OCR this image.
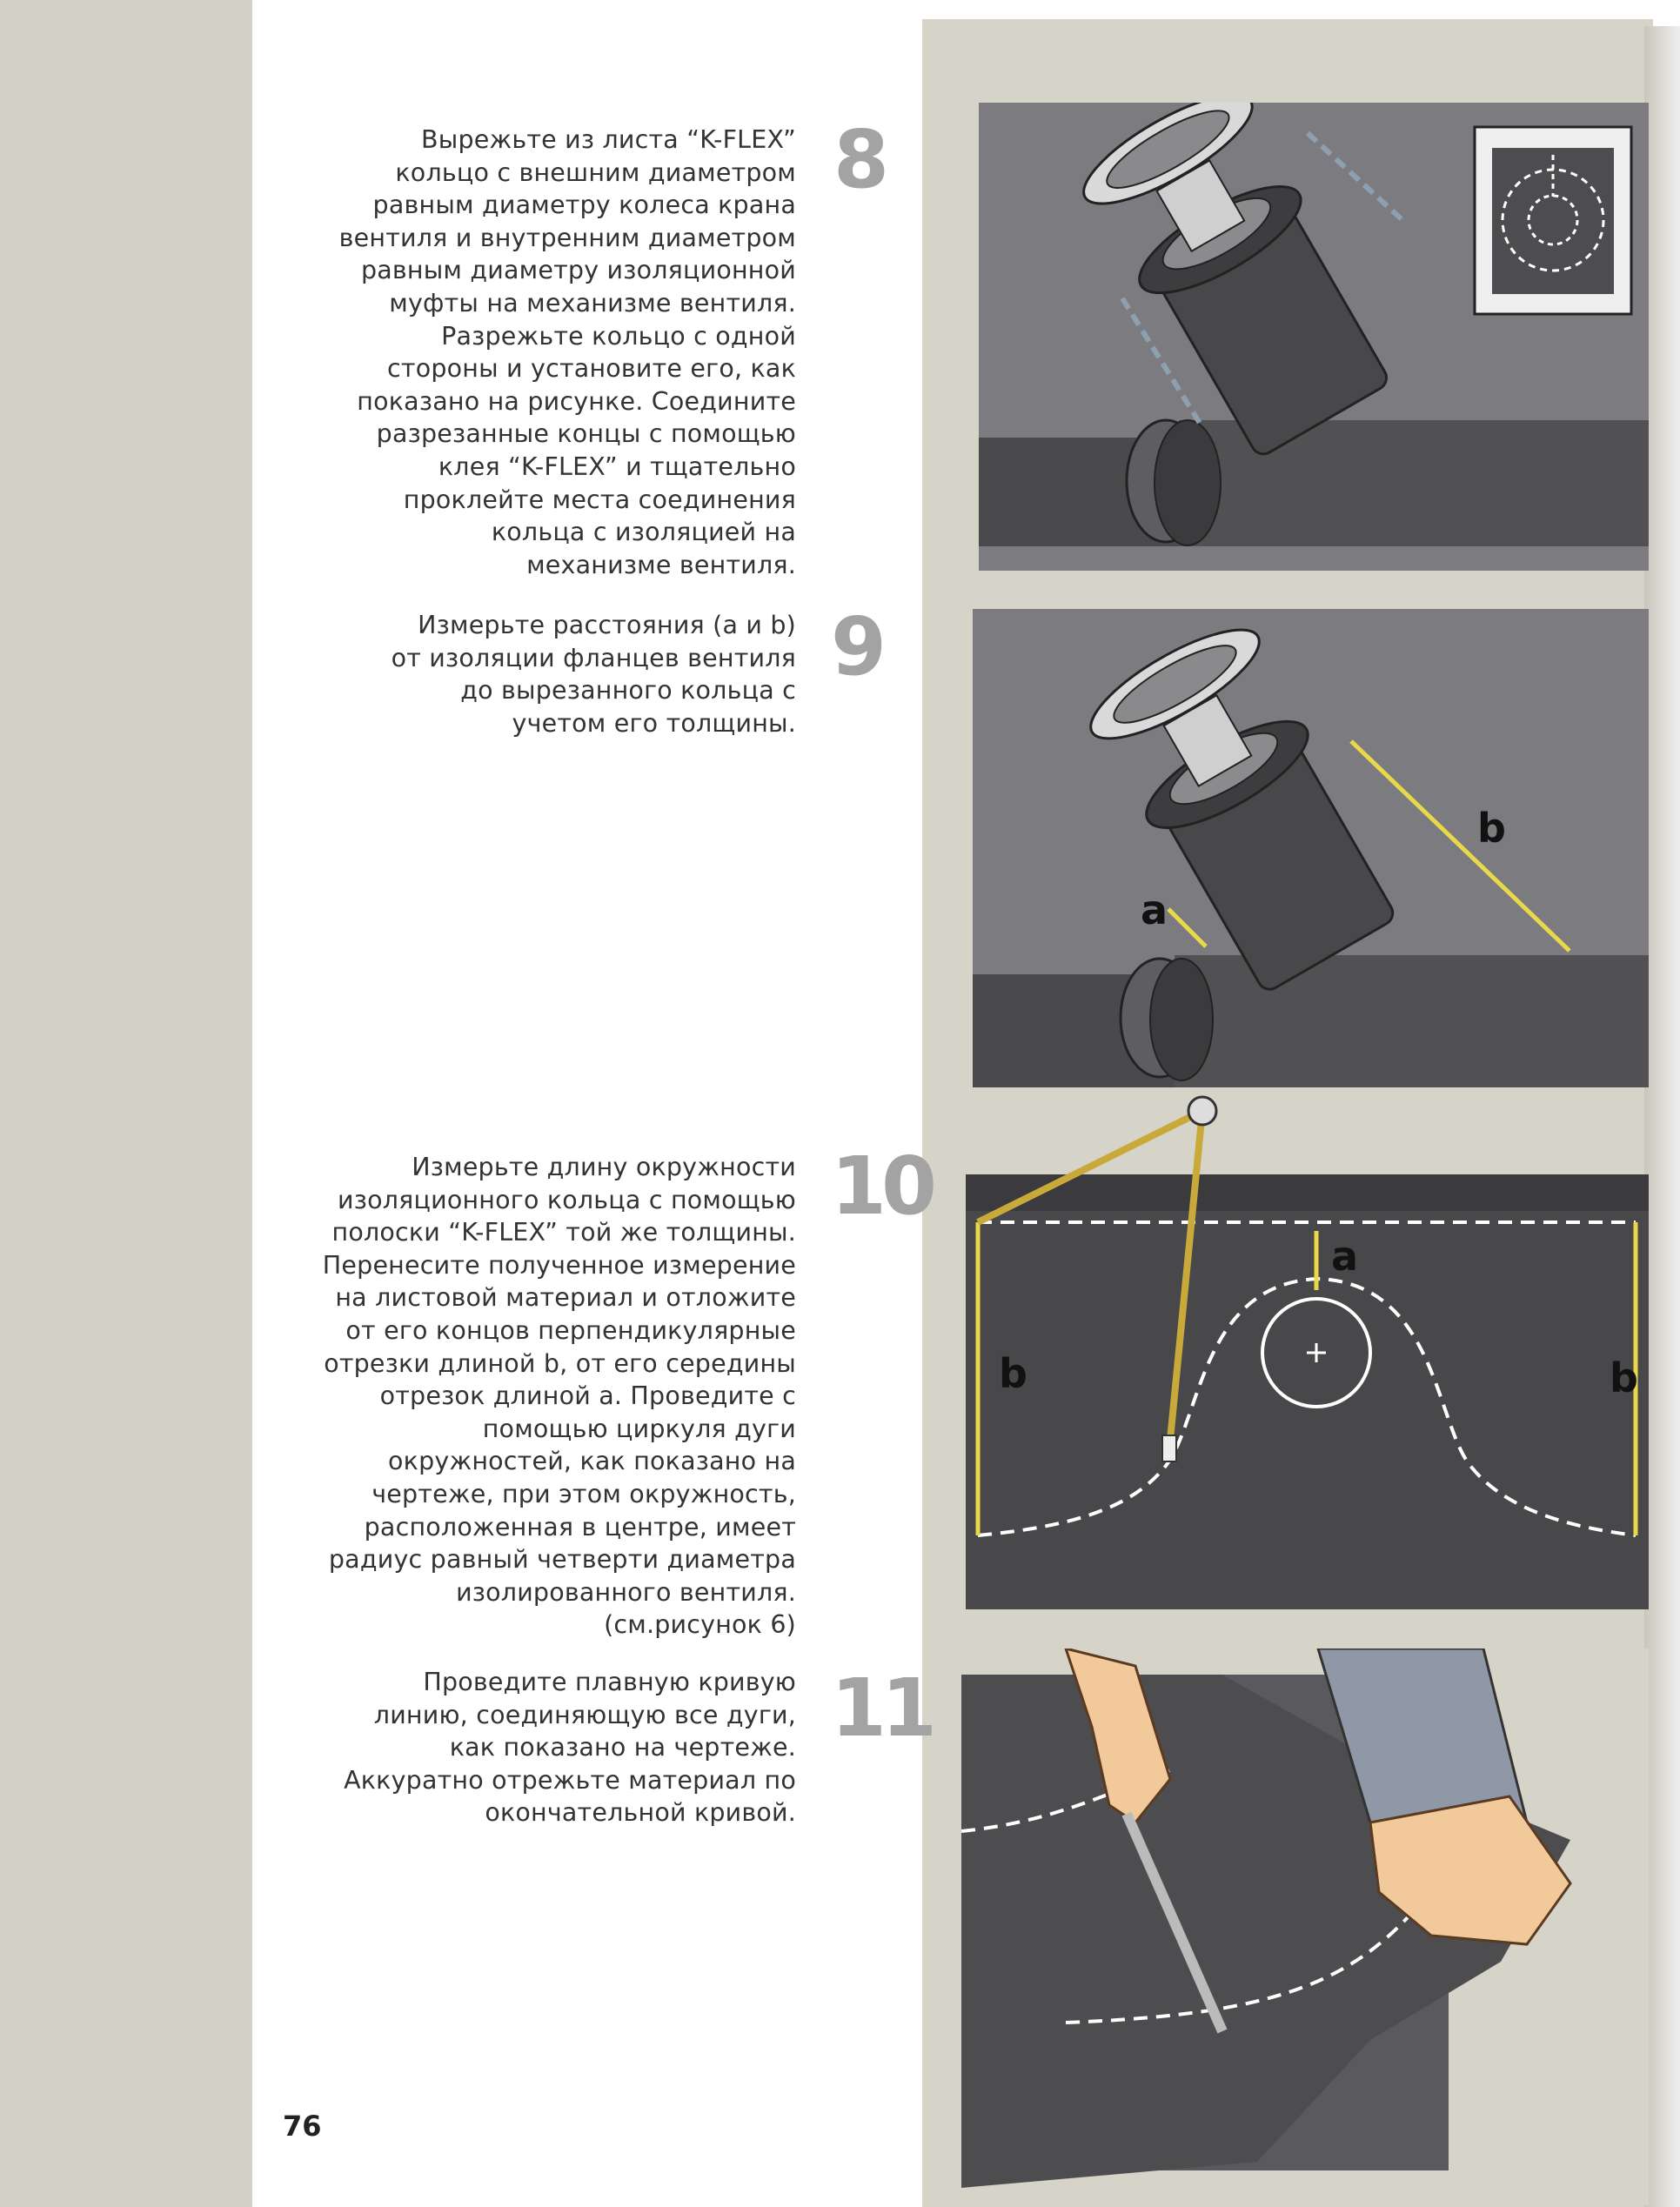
Вырежьте из листа “K-FLEX”
кольцо с внешним диаметром
равным диаметру колеса крана
вентиля и внутренним диаметром
равным диаметру изоляционной
муфты на механизме вентиля.
Разрежьте кольцо с одной
стороны и установите его, как
показано на рисунке. Соедините
разрезанные концы с помощью
клея “K-FLEX” и тщательно
проклейте места соединения
кольца с изоляцией на
механизме вентиля.
8
Измерьте расстояния (a и b)
от изоляции фланцев вентиля
до вырезанного кольца с
учетом его толщины.
9
Измерьте длину окружности
изоляционного кольца с помощью
полоски “K-FLEX” той же толщины.
Перенесите полученное измерение
на листовой материал и отложите
от его концов перпендикулярные
отрезки длиной b, от его середины
отрезок длиной a. Проведите с
помощью циркуля дуги
окружностей, как показано на
чертеже, при этом окружность,
расположенная в центре, имеет
радиус равный четверти диаметра
изолированного вентиля.
(см.рисунок 6)
10
Проведите плавную кривую
линию, соединяющую все дуги,
как показано на чертеже.
Аккуратно отрежьте материал по
окончательной кривой.
11
a
b
a
b	b
76
